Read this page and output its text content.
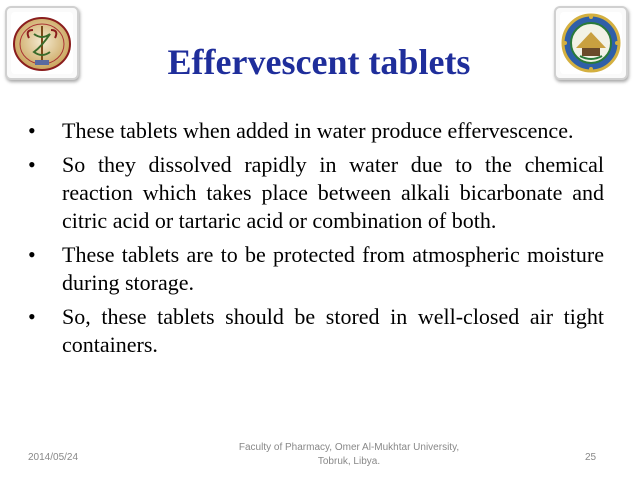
Effervescent tablets
• These tablets when added in water produce effervescence.
• So they dissolved rapidly in water due to the chemical reaction which takes place between alkali bicarbonate and citric acid or tartaric acid or combination of both.
• These tablets are to be protected from atmospheric moisture during storage.
• So, these tablets should be stored in well-closed air tight containers.
2014/05/24
Faculty of Pharmacy, Omer Al-Mukhtar University,
Tobruk, Libya.	25
